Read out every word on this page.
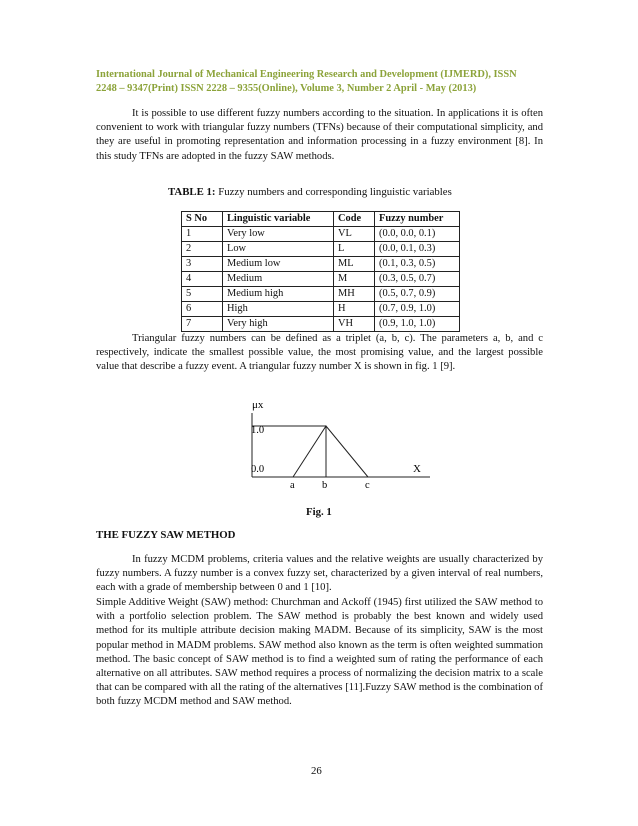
International Journal of Mechanical Engineering Research and Development (IJMERD), ISSN
2248 – 9347(Print) ISSN 2228 – 9355(Online), Volume 3, Number 2 April - May (2013)
It is possible to use different fuzzy numbers according to the situation. In applications it is often convenient to work with triangular fuzzy numbers (TFNs) because of their computational simplicity, and they are useful in promoting representation and information processing in a fuzzy environment [8]. In this study TFNs are adopted in the fuzzy SAW methods.
TABLE 1: Fuzzy numbers and corresponding linguistic variables
S No	Linguistic variable	Code	Fuzzy number
1	Very low	VL	(0.0, 0.0, 0.1)
2	Low	L	(0.0, 0.1, 0.3)
3	Medium low	ML	(0.1, 0.3, 0.5)
4	Medium	M	(0.3, 0.5, 0.7)
5	Medium high	MH	(0.5, 0.7, 0.9)
6	High	H	(0.7, 0.9, 1.0)
7	Very high	VH	(0.9, 1.0, 1.0)
Triangular fuzzy numbers can be defined as a triplet (a, b, c). The parameters a, b, and c respectively, indicate the smallest possible value, the most promising value, and the largest possible value that describe a fuzzy event. A triangular fuzzy number X is shown in fig. 1 [9].
μx
1.0
0.0	X
a	b	c
Fig. 1
THE FUZZY SAW METHOD
In fuzzy MCDM problems, criteria values and the relative weights are usually characterized by fuzzy numbers. A fuzzy number is a convex fuzzy set, characterized by a given interval of real numbers, each with a grade of membership between 0 and 1 [10].
Simple Additive Weight (SAW) method: Churchman and Ackoff (1945) first utilized the SAW method to with a portfolio selection problem. The SAW method is probably the best known and widely used method for its multiple attribute decision making MADM. Because of its simplicity, SAW is the most popular method in MADM problems. SAW method also known as the term is often weighted summation method. The basic concept of SAW method is to find a weighted sum of rating the performance of each alternative on all attributes. SAW method requires a process of normalizing the decision matrix to a scale that can be compared with all the rating of the alternatives [11].Fuzzy SAW method is the combination of both fuzzy MCDM method and SAW method.
26
